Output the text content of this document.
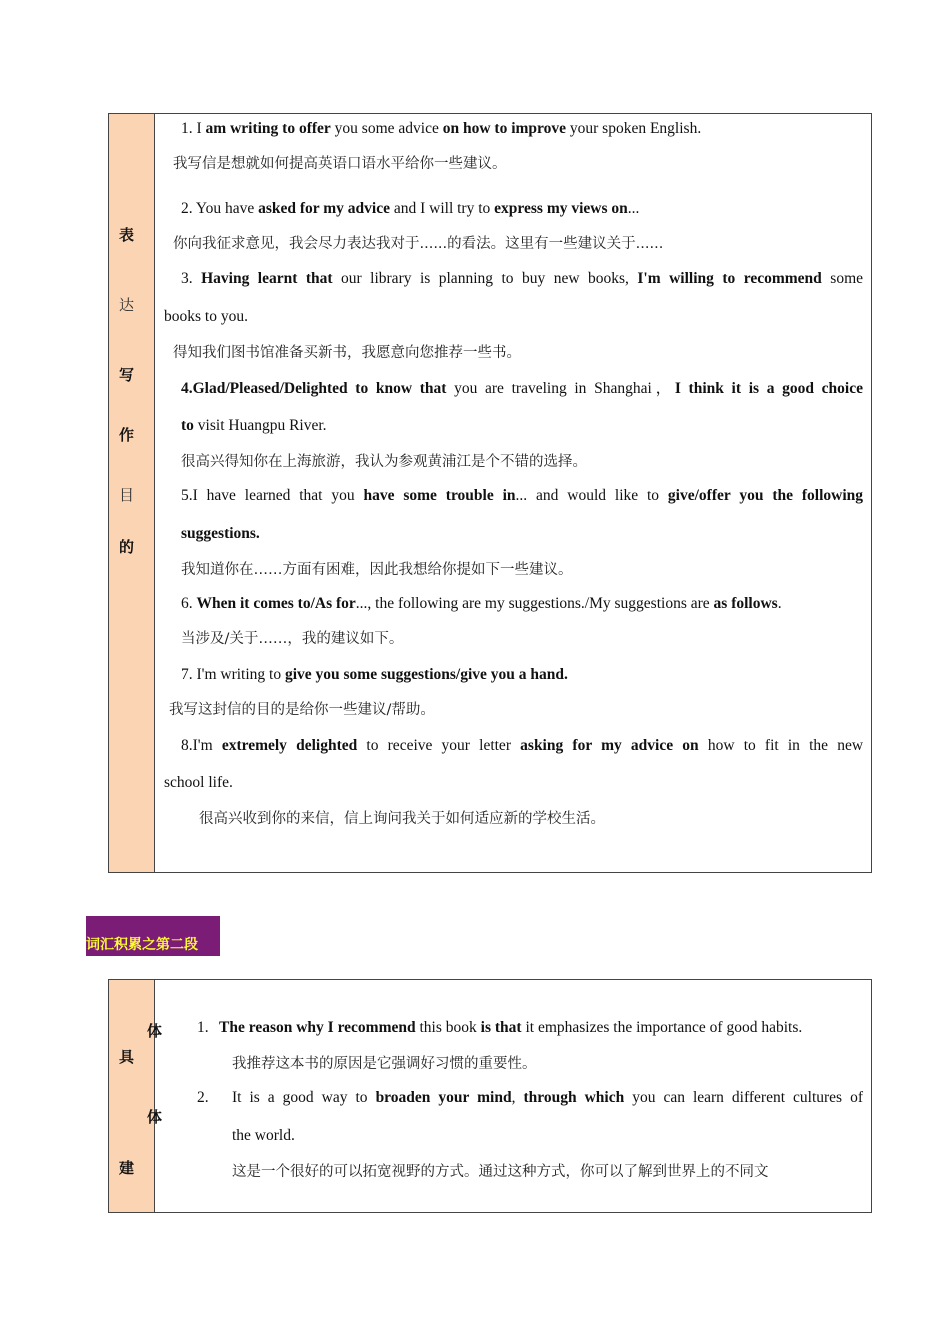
表
达
写
作
目
的
1. I am writing to offer you some advice on how to improve your spoken English.
我写信是想就如何提高英语口语水平给你一些建议。
2. You have asked for my advice and I will try to express my views on...
你向我征求意见，我会尽力表达我对于......的看法。这里有一些建议关于......
3. Having learnt that our library is planning to buy new books, I'm willing to recommend some
books to you.
得知我们图书馆准备买新书，我愿意向您推荐一些书。
4.Glad/Pleased/Delighted to know that you are traveling in Shanghai，I think it is a good choice
to visit Huangpu River.
很高兴得知你在上海旅游，我认为参观黄浦江是个不错的选择。
5.I have learned that you have some trouble in... and would like to give/offer you the following
suggestions.
我知道你在……方面有困难，因此我想给你提如下一些建议。
6. When it comes to/As for..., the following are my suggestions./My suggestions are as follows.
当涉及/关于……，我的建议如下。
7. I'm writing to give you some suggestions/give you a hand.
我写这封信的目的是给你一些建议/帮助。
8.I'm extremely delighted to receive your letter asking for my advice on how to fit in the new
school life.
很高兴收到你的来信，信上询问我关于如何适应新的学校生活。
词汇积累之第二段
体
具
体
建
1. The reason why I recommend this book is that it emphasizes the importance of good habits.
我推荐这本书的原因是它强调好习惯的重要性。
2. It is a good way to broaden your mind, through which you can learn different cultures of
the world.
这是一个很好的可以拓宽视野的方式。通过这种方式，你可以了解到世界上的不同文
